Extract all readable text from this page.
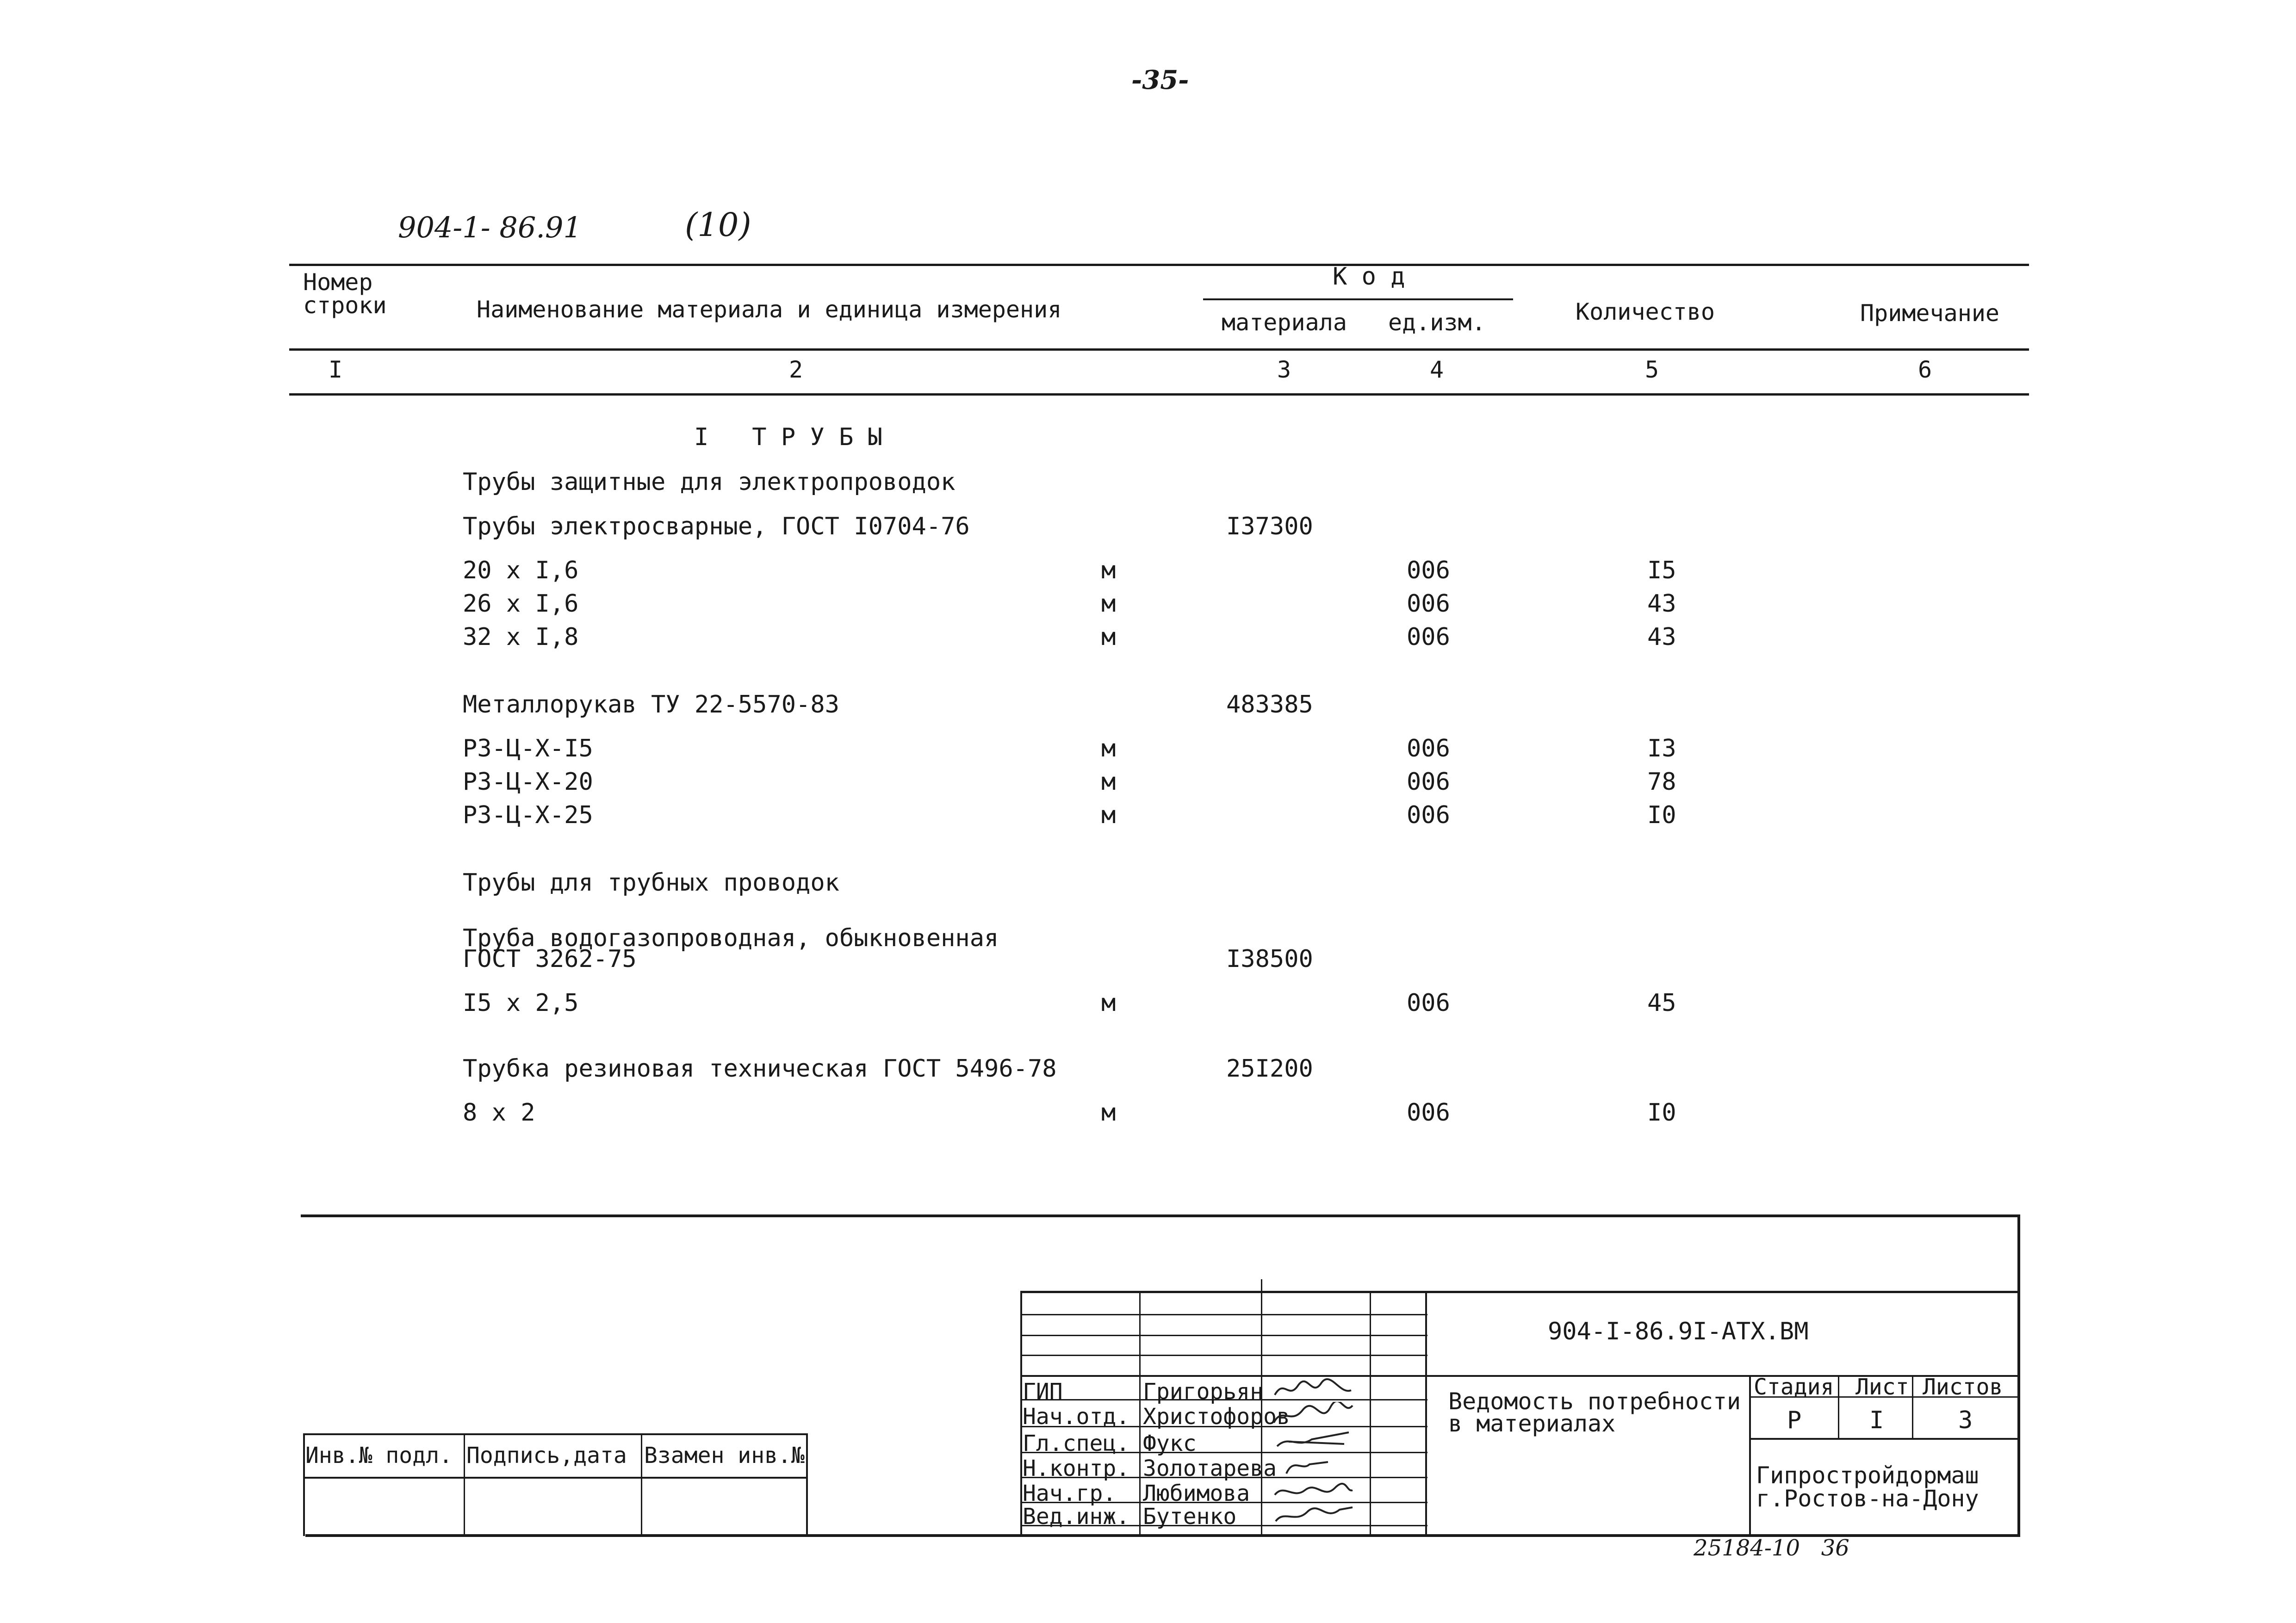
-35-
904-1- 86.91	(10)
Номер строки	Наименование материала и единица измерения
К о д
материала ед.изм.	Количество	Примечание
I	2	3	4	5	6
I   Т Р У Б Ы
Трубы защитные для электропроводок
Трубы электросварные, ГОСТ I0704-76	I37300
20 х I,6	м	006	I5
26 х I,6	м	006	43
32 х I,8	м	006	43
Металлорукав ТУ 22-5570-83	483385
РЗ-Ц-Х-I5	м	006	I3
РЗ-Ц-Х-20	м	006	78
РЗ-Ц-Х-25	м	006	I0
Трубы для трубных проводок
Труба водогазопроводная, обыкновенная
ГОСТ 3262-75	I38500
I5 х 2,5	м	006	45
Трубка резиновая техническая ГОСТ 5496-78	25I200
8 х 2	м	006	I0
Инв.№ подл. Подпись,дата Взамен инв.№
ГИП	Григорьян
Нач.отд. Христофоров
Гл.спец. Фукс
Н.контр. Золотарева
Нач.гр. Любимова
Вед.инж. Бутенко
904-I-86.9I-АТХ.ВМ
Ведомость потребности
в материалах
Стадия Лист Листов
Р	I	3
Гипростройдормаш
г.Ростов-на-Дону
25184-10   36
